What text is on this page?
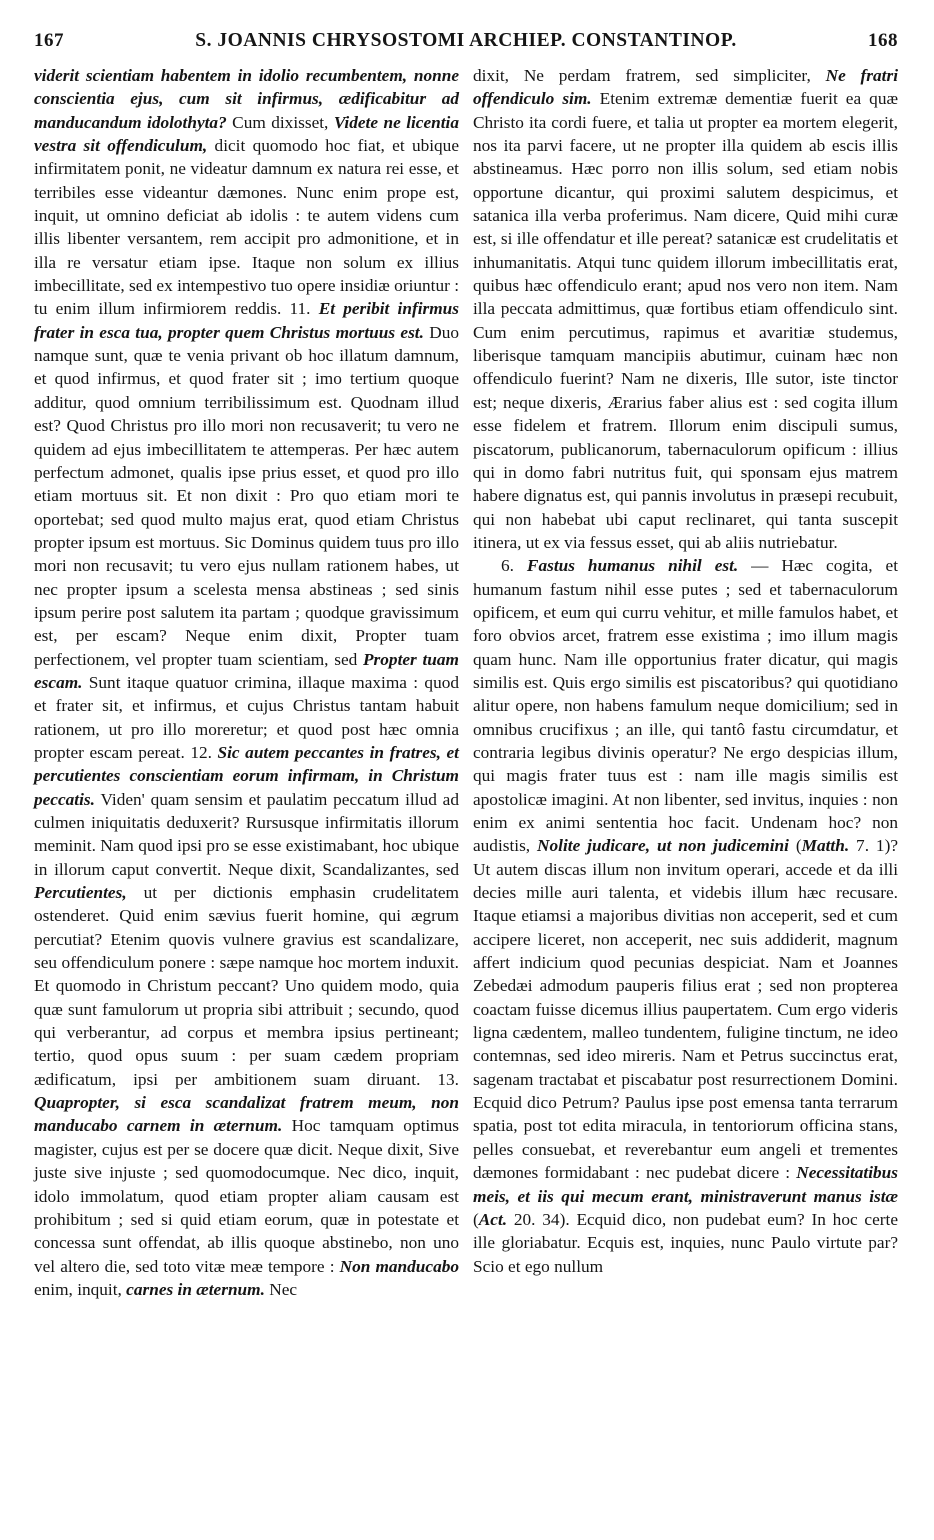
167	S. JOANNIS CHRYSOSTOMI ARCHIEP. CONSTANTINOP.	168

viderit scientiam habentem in idolio recumbentem, nonne conscientia ejus, cum sit infirmus, ædificabitur ad manducandum idolothyta? Cum dixisset, Videte ne licentia vestra sit offendiculum, dicit quomodo hoc fiat, et ubique infirmitatem ponit, ne videatur damnum ex natura rei esse, et terribiles esse videantur dæmones. Nunc enim prope est, inquit, ut omnino deficiat ab idolis : te autem videns cum illis libenter versantem, rem accipit pro admonitione, et in illa re versatur etiam ipse. Itaque non solum ex illius imbecillitate, sed ex intempestivo tuo opere insidiæ oriuntur : tu enim illum infirmiorem reddis. 11. Et peribit infirmus frater in esca tua, propter quem Christus mortuus est. Duo namque sunt, quæ te venia privant ob hoc illatum damnum, et quod infirmus, et quod frater sit ; imo tertium quoque additur, quod omnium terribilissimum est. Quodnam illud est? Quod Christus pro illo mori non recusaverit; tu vero ne quidem ad ejus imbecillitatem te attemperas. Per hæc autem perfectum admonet, qualis ipse prius esset, et quod pro illo etiam mortuus sit. Et non dixit : Pro quo etiam mori te oportebat; sed quod multo majus erat, quod etiam Christus propter ipsum est mortuus. Sic Dominus quidem tuus pro illo mori non recusavit; tu vero ejus nullam rationem habes, ut nec propter ipsum a scelesta mensa abstineas ; sed sinis ipsum perire post salutem ita partam ; quodque gravissimum est, per escam? Neque enim dixit, Propter tuam perfectionem, vel propter tuam scientiam, sed Propter tuam escam. Sunt itaque quatuor crimina, illaque maxima : quod et frater sit, et infirmus, et cujus Christus tantam habuit rationem, ut pro illo moreretur; et quod post hæc omnia propter escam pereat. 12. Sic autem peccantes in fratres, et percutientes conscientiam eorum infirmam, in Christum peccatis. Viden' quam sensim et paulatim peccatum illud ad culmen iniquitatis deduxerit? Rursusque infirmitatis illorum meminit. Nam quod ipsi pro se esse existimabant, hoc ubique in illorum caput convertit. Neque dixit, Scandalizantes, sed Percutientes, ut per dictionis emphasin crudelitatem ostenderet. Quid enim sævius fuerit homine, qui ægrum percutiat? Etenim quovis vulnere gravius est scandalizare, seu offendiculum ponere : sæpe namque hoc mortem induxit. Et quomodo in Christum peccant? Uno quidem modo, quia quæ sunt famulorum ut propria sibi attribuit ; secundo, quod qui verberantur, ad corpus et membra ipsius pertineant; tertio, quod opus suum : per suam cædem propriam ædificatum, ipsi per ambitionem suam diruant. 13. Quapropter, si esca scandalizat fratrem meum, non manducabo carnem in æternum. Hoc tamquam optimus magister, cujus est per se docere quæ dicit. Neque dixit, Sive juste sive injuste ; sed quomodocumque. Nec dico, inquit, idolo immolatum, quod etiam propter aliam causam est prohibitum ; sed si quid etiam eorum, quæ in potestate et concessa sunt offendat, ab illis quoque abstinebo, non uno vel altero die, sed toto vitæ meæ tempore : Non manducabo enim, inquit, carnes in æternum. Nec

dixit, Ne perdam fratrem, sed simpliciter, Ne fratri offendiculo sim. Etenim extremæ dementiæ fuerit ea quæ Christo ita cordi fuere, et talia ut propter ea mortem elegerit, nos ita parvi facere, ut ne propter illa quidem ab escis illis abstineamus. Hæc porro non illis solum, sed etiam nobis opportune dicantur, qui proximi salutem despicimus, et satanica illa verba proferimus. Nam dicere, Quid mihi curæ est, si ille offendatur et ille pereat? satanicæ est crudelitatis et inhumanitatis. Atqui tunc quidem illorum imbecillitatis erat, quibus hæc offendiculo erant; apud nos vero non item. Nam illa peccata admittimus, quæ fortibus etiam offendiculo sint. Cum enim percutimus, rapimus et avaritiæ studemus, liberisque tamquam mancipiis abutimur, cuinam hæc non offendiculo fuerint? Nam ne dixeris, Ille sutor, iste tinctor est; neque dixeris, Ærarius faber alius est : sed cogita illum esse fidelem et fratrem. Illorum enim discipuli sumus, piscatorum, publicanorum, tabernaculorum opificum : illius qui in domo fabri nutritus fuit, qui sponsam ejus matrem habere dignatus est, qui pannis involutus in præsepi recubuit, qui non habebat ubi caput reclinaret, qui tanta suscepit itinera, ut ex via fessus esset, qui ab aliis nutriebatur.

6. Fastus humanus nihil est. — Hæc cogita, et humanum fastum nihil esse putes ; sed et tabernaculorum opificem, et eum qui curru vehitur, et mille famulos habet, et foro obvios arcet, fratrem esse existima ; imo illum magis quam hunc. Nam ille opportunius frater dicatur, qui magis similis est. Quis ergo similis est piscatoribus? qui quotidiano alitur opere, non habens famulum neque domicilium; sed in omnibus crucifixus ; an ille, qui tantô fastu circumdatur, et contraria legibus divinis operatur? Ne ergo despicias illum, qui magis frater tuus est : nam ille magis similis est apostolicæ imagini. At non libenter, sed invitus, inquies : non enim ex animi sententia hoc facit. Undenam hoc? non audistis, Nolite judicare, ut non judicemini (Matth. 7. 1)? Ut autem discas illum non invitum operari, accede et da illi decies mille auri talenta, et videbis illum hæc recusare. Itaque etiamsi a majoribus divitias non acceperit, sed et cum accipere liceret, non acceperit, nec suis addiderit, magnum affert indicium quod pecunias despiciat. Nam et Joannes Zebedæi admodum pauperis filius erat ; sed non propterea coactam fuisse dicemus illius paupertatem. Cum ergo videris ligna cædentem, malleo tundentem, fuligine tinctum, ne ideo contemnas, sed ideo mireris. Nam et Petrus succinctus erat, sagenam tractabat et piscabatur post resurrectionem Domini. Ecquid dico Petrum? Paulus ipse post emensa tanta terrarum spatia, post tot edita miracula, in tentoriorum officina stans, pelles consuebat, et reverebantur eum angeli et trementes dæmones formidabant : nec pudebat dicere : Necessitatibus meis, et iis qui mecum erant, ministraverunt manus istæ (Act. 20. 34). Ecquid dico, non pudebat eum? In hoc certe ille gloriabatur. Ecquis est, inquies, nunc Paulo virtute par? Scio et ego nullum
